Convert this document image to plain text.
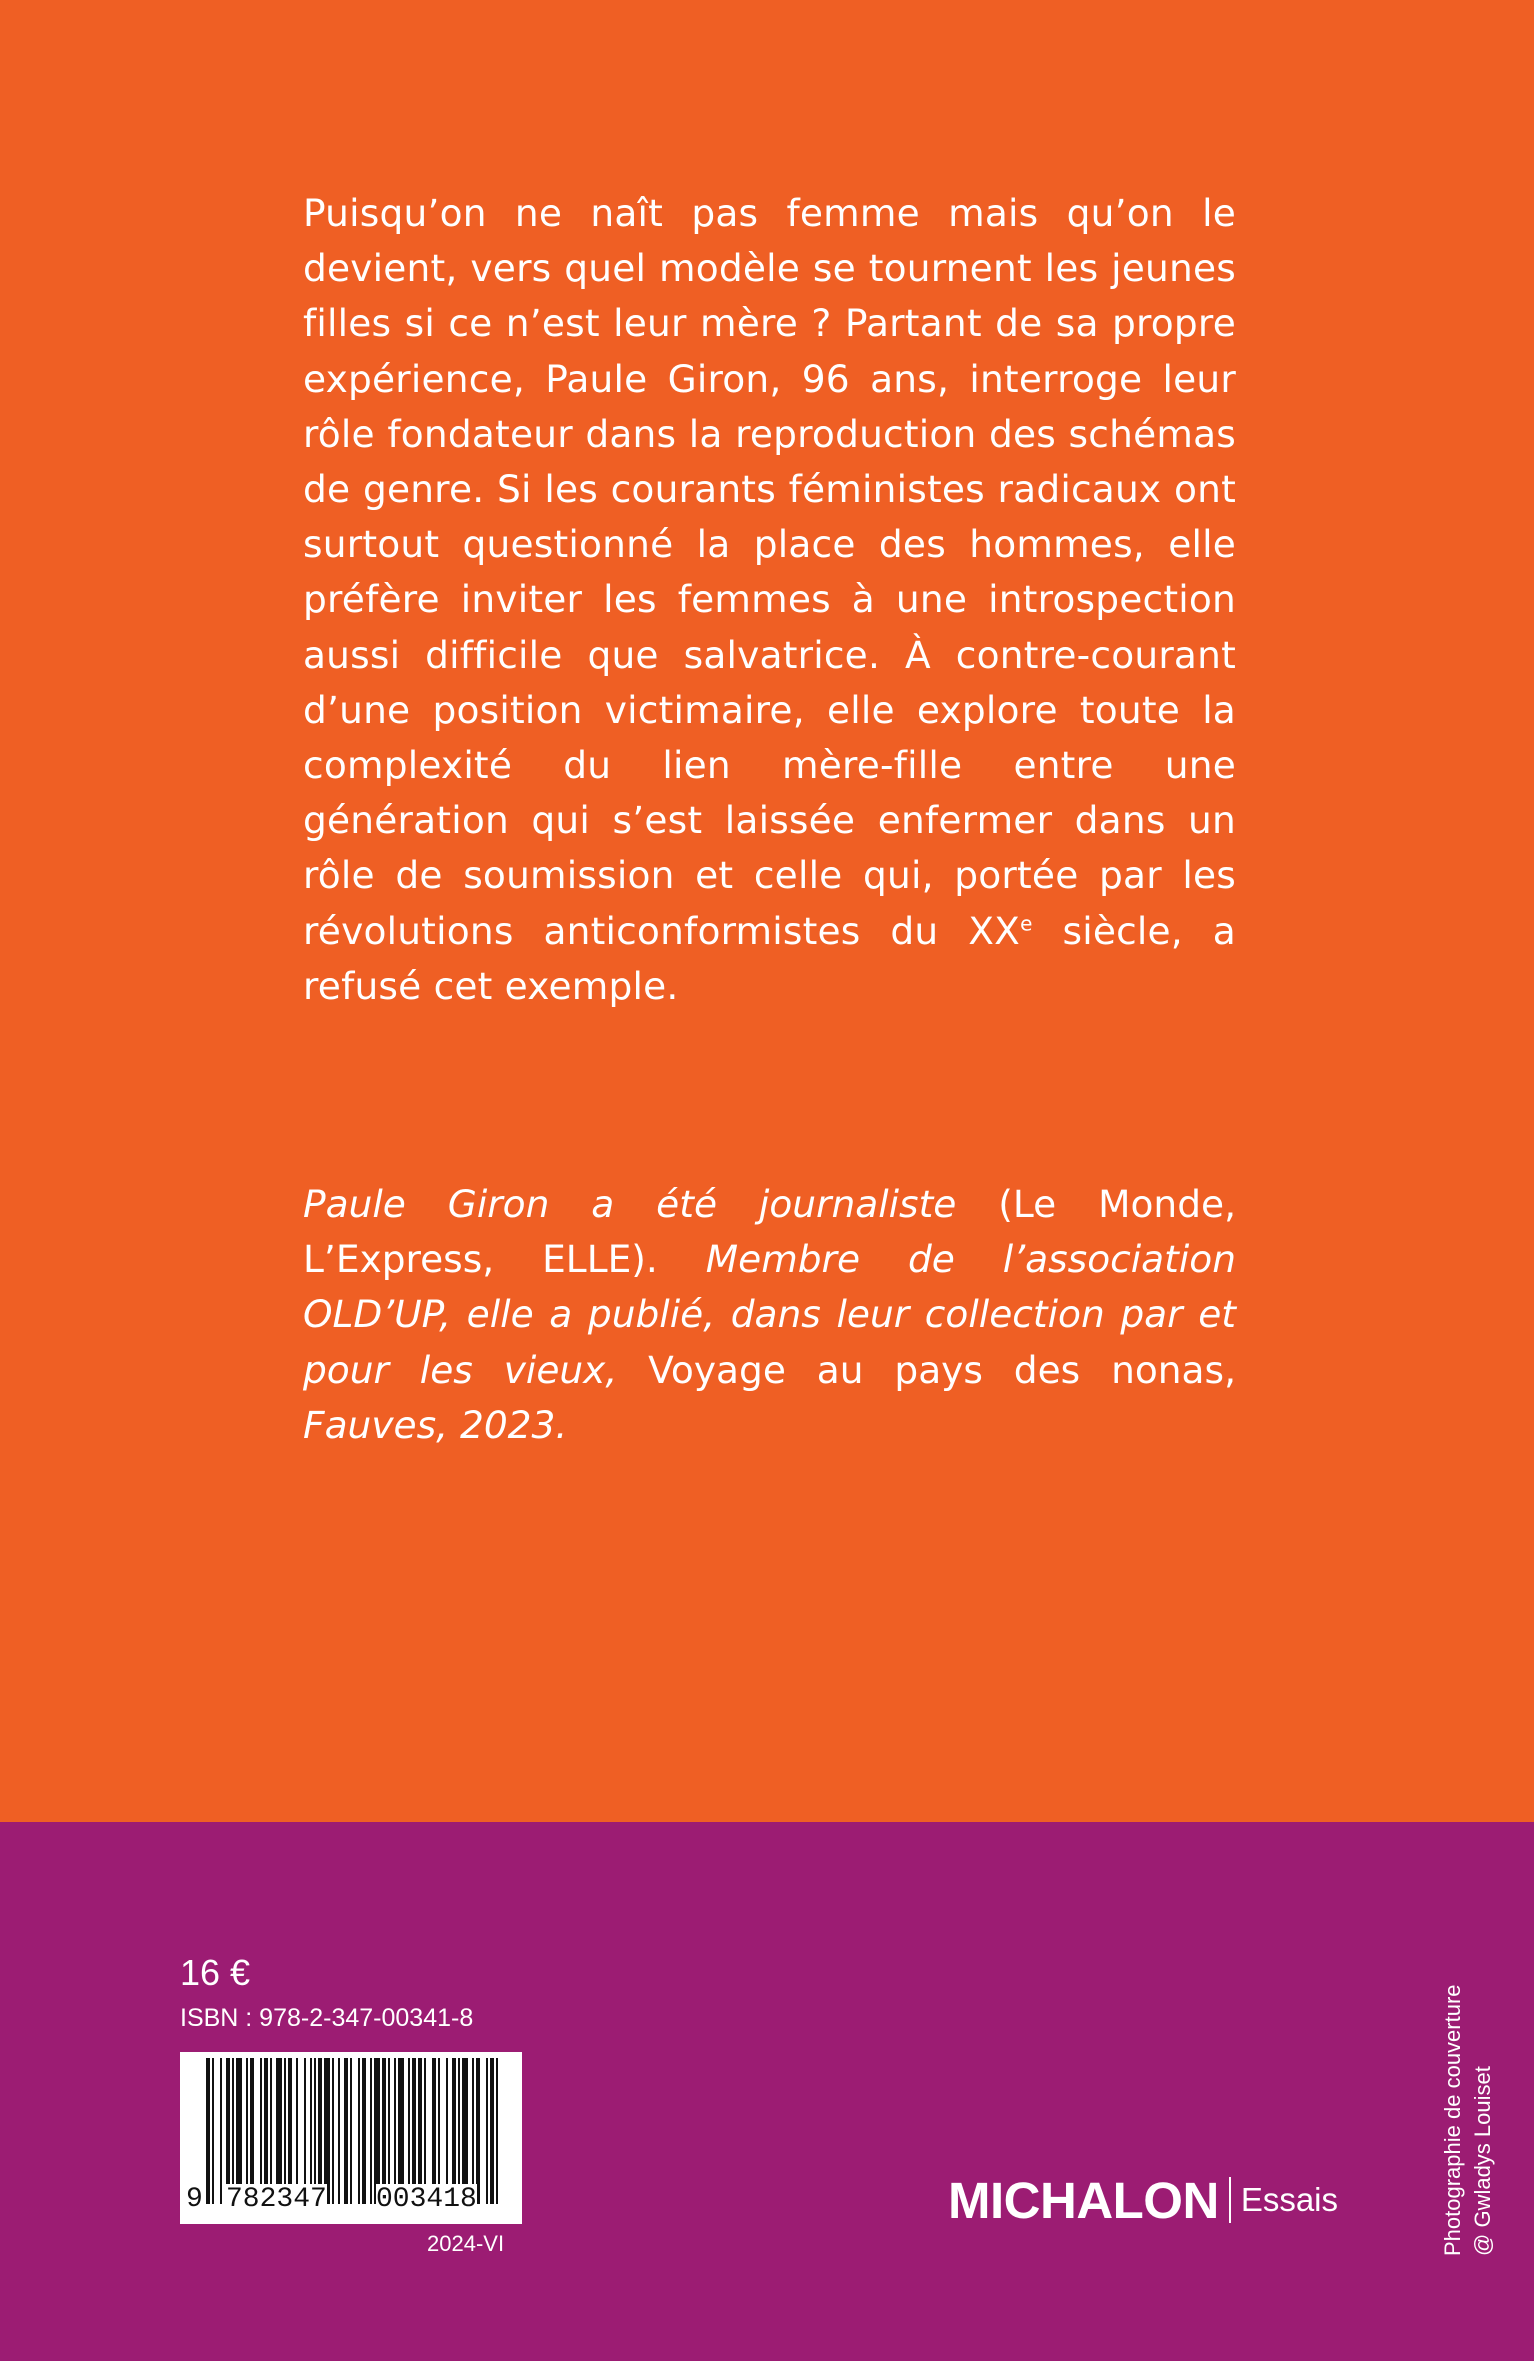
Puisqu’on ne naît pas femme mais qu’on le devient, vers quel modèle se tournent les jeunes filles si ce n’est leur mère ? Partant de sa propre expérience, Paule Giron, 96 ans, interroge leur rôle fondateur dans la reproduction des schémas de genre. Si les courants féministes radicaux ont surtout questionné la place des hommes, elle préfère inviter les femmes à une introspection aussi difficile que salvatrice. À contre-courant d’une position victimaire, elle explore toute la complexité du lien mère-fille entre une génération qui s’est laissée enfermer dans un rôle de soumission et celle qui, portée par les révolutions anticonformistes du XXe siècle, a refusé cet exemple.

Paule Giron a été journaliste (Le Monde, L’Express, ELLE). Membre de l’association OLD’UP, elle a publié, dans leur collection par et pour les vieux, Voyage au pays des nonas, Fauves, 2023.

16 €
ISBN : 978-2-347-00341-8
9 782347 003418
2024-VI
MICHALON Essais	Photographie de couverture @ Gwladys Louiset
